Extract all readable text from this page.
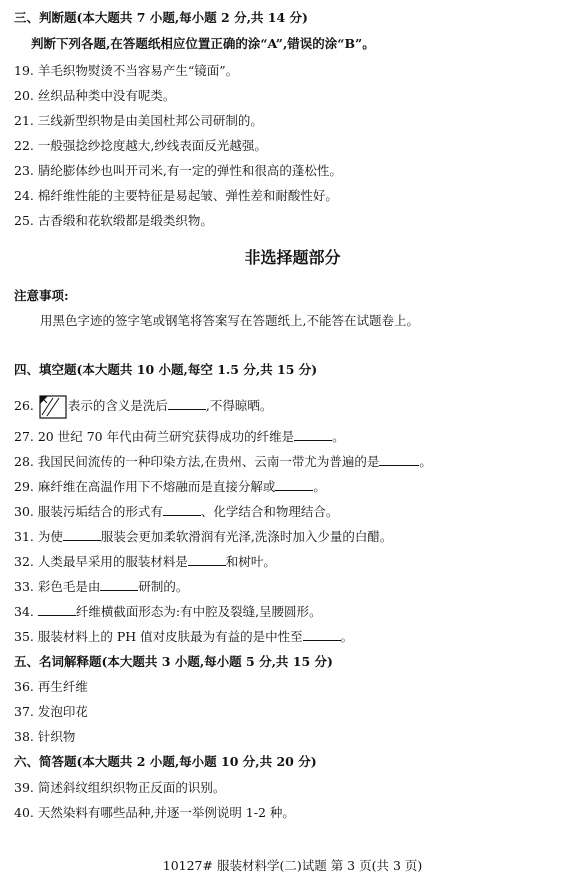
三、判断题(本大题共 7 小题,每小题 2 分,共 14 分)
判断下列各题,在答题纸相应位置正确的涂“A”,错误的涂“B”。
19. 羊毛织物熨烫不当容易产生“镜面”。
20. 丝织品种类中没有呢类。
21. 三线新型织物是由美国杜邦公司研制的。
22. 一般强捻纱捻度越大,纱线表面反光越强。
23. 腈纶膨体纱也叫开司米,有一定的弹性和很高的蓬松性。
24. 棉纤维性能的主要特征是易起皱、弹性差和耐酸性好。
25. 古香缎和花软缎都是缎类织物。
非选择题部分
注意事项:
用黑色字迹的签字笔或钢笔将答案写在答题纸上,不能答在试题卷上。
四、填空题(本大题共 10 小题,每空 1.5 分,共 15 分)
26.	表示的含义是洗后	,不得晾晒。
27. 20 世纪 70 年代由荷兰研究获得成功的纤维是	。
28. 我国民间流传的一种印染方法,在贵州、云南一带尤为普遍的是	。
29. 麻纤维在高温作用下不熔融而是直接分解或	。
30. 服装污垢结合的形式有	、化学结合和物理结合。
31. 为使	服装会更加柔软滑润有光泽,洗涤时加入少量的白醋。
32. 人类最早采用的服装材料是	和树叶。
33. 彩色毛是由	研制的。
34.	纤维横截面形态为:有中腔及裂缝,呈腰圆形。
35. 服装材料上的 PH 值对皮肤最为有益的是中性至	。
五、名词解释题(本大题共 3 小题,每小题 5 分,共 15 分)
36. 再生纤维
37. 发泡印花
38. 针织物
六、简答题(本大题共 2 小题,每小题 10 分,共 20 分)
39. 简述斜纹组织织物正反面的识别。
40. 天然染料有哪些品种,并逐一举例说明 1-2 种。
10127# 服装材料学(二)试题 第 3 页(共 3 页)
